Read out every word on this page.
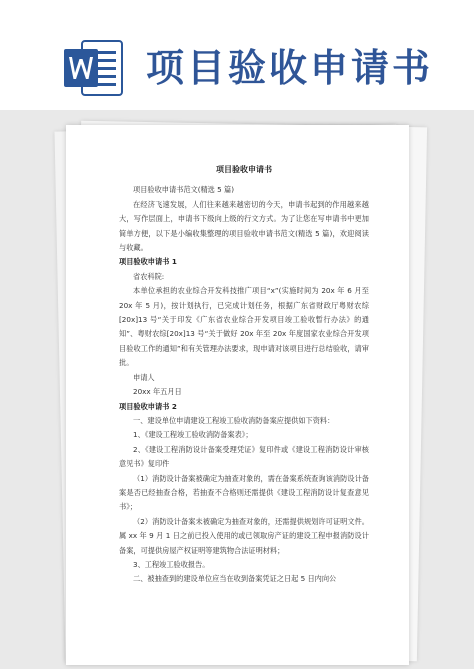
项目验收申请书
项目验收申请书

项目验收申请书范文(精选 5 篇)

在经济飞速发展，人们往来越来越密切的今天，申请书起到的作用越来越大，写作层面上，申请书下级向上级的行文方式。为了让您在写申请书中更加简单方便，以下是小编收集整理的项目验收申请书范文(精选 5 篇)，欢迎阅读与收藏。

项目验收申请书 1

省农科院:

本单位承担的农业综合开发科技推广项目“x”(实施时间为 20x 年 6 月至 20x 年 5 月)，按计划执行，已完成计划任务，根据广东省财政厅粤财农综[20x]13 号“关于印发《广东省农业综合开发项目竣工验收暂行办法》的通知”、粤财农综[20x]13 号“关于做好 20x 年至 20x 年度国家农业综合开发项目验收工作的通知”和有关管理办法要求，现申请对该项目进行总结验收，请审批。

申请人

20xx 年五月日

项目验收申请书 2

一、建设单位申请建设工程竣工验收消防备案应提供如下资料：

1、《建设工程竣工验收消防备案表》；

2、《建设工程消防设计备案受理凭证》复印件或《建设工程消防设计审核意见书》复印件

（1）消防设计备案被确定为抽查对象的，需在备案系统查询该消防设计备案是否已经抽查合格，若抽查不合格则还需提供《建设工程消防设计复查意见书》；

（2）消防设计备案未被确定为抽查对象的，还需提供规划许可证明文件。属 xx 年 9 月 1 日之前已投入使用的或已领取房产证的建设工程申报消防设计备案，可提供房屋产权证明等建筑物合法证明材料；

3、工程竣工验收报告。

二、被抽查到的建设单位应当在收到备案凭证之日起 5 日内向公
